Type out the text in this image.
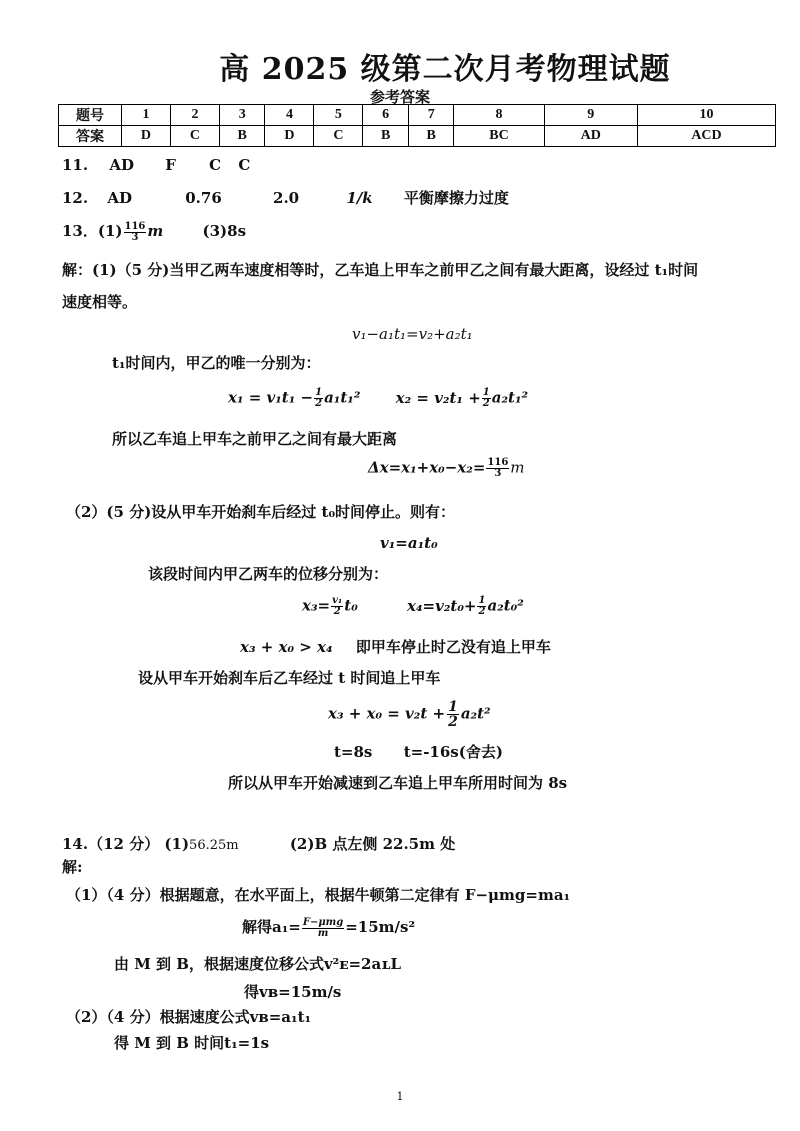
高 2025 级第二次月考物理试题
参考答案
题号	1	2	3	4	5	6	7	8	9	10
答案	D	C	B	D	C	B	B	BC	AD	ACD
11. AD F C C
12. AD	0.76	2.0	1/k 平衡摩擦力过度
13．$(1) \frac{116}{3}$ m	(3)8s
解：(1)（5 分)当甲乙两车速度相等时，乙车追上甲车之前甲乙之间有最大距离，设经过 t₁时间
速度相等。
v₁−a₁t₁=v₂+a₂t₁
t₁时间内，甲乙的唯一分别为：
$x_1 = v_1t_1 - \frac{1}{2} a_1t_1^2$ $x_2 = v_2t_1 + \frac{1}{2} a_2t_1^2$
所以乙车追上甲车之前甲乙之间有最大距离
$\Delta x=x_1+x_0-x_2= \frac{116}{3}$ m
（2）(5 分)设从甲车开始刹车后经过 t₀时间停止。则有：
v₁=a₁t₀
该段时间内甲乙两车的位移分别为：
$x_3= \frac{\text{v₁}}{2} t_0$	$x_4=v_2t_0+ \frac{1}{2} a_2t_0^2$
x₃ + x₀ > x₄ 即甲车停止时乙没有追上甲车
设从甲车开始刹车后乙车经过 t 时间追上甲车
$x_3 + x_0 = v_2t + \frac{1}{2} a_2t^2$
t=8s      t=-16s(舍去)
所以从甲车开始减速到乙车追上甲车所用时间为 8s
14.（12 分） (1)56.25m	(2)B 点左侧 22.5m 处
解:
（1）（4 分）根据题意，在水平面上，根据牛顿第二定律有 F−μmg=ma₁
解得$a_1= \frac{\text{F−μmg}}{m} =15m/s^2$
由 M 到 B，根据速度位移公式v²ᴇ=2aʟL
得vʙ=15m/s
（2）（4 分）根据速度公式vʙ=a₁t₁
得 M 到 B 时间t₁=1s
1
